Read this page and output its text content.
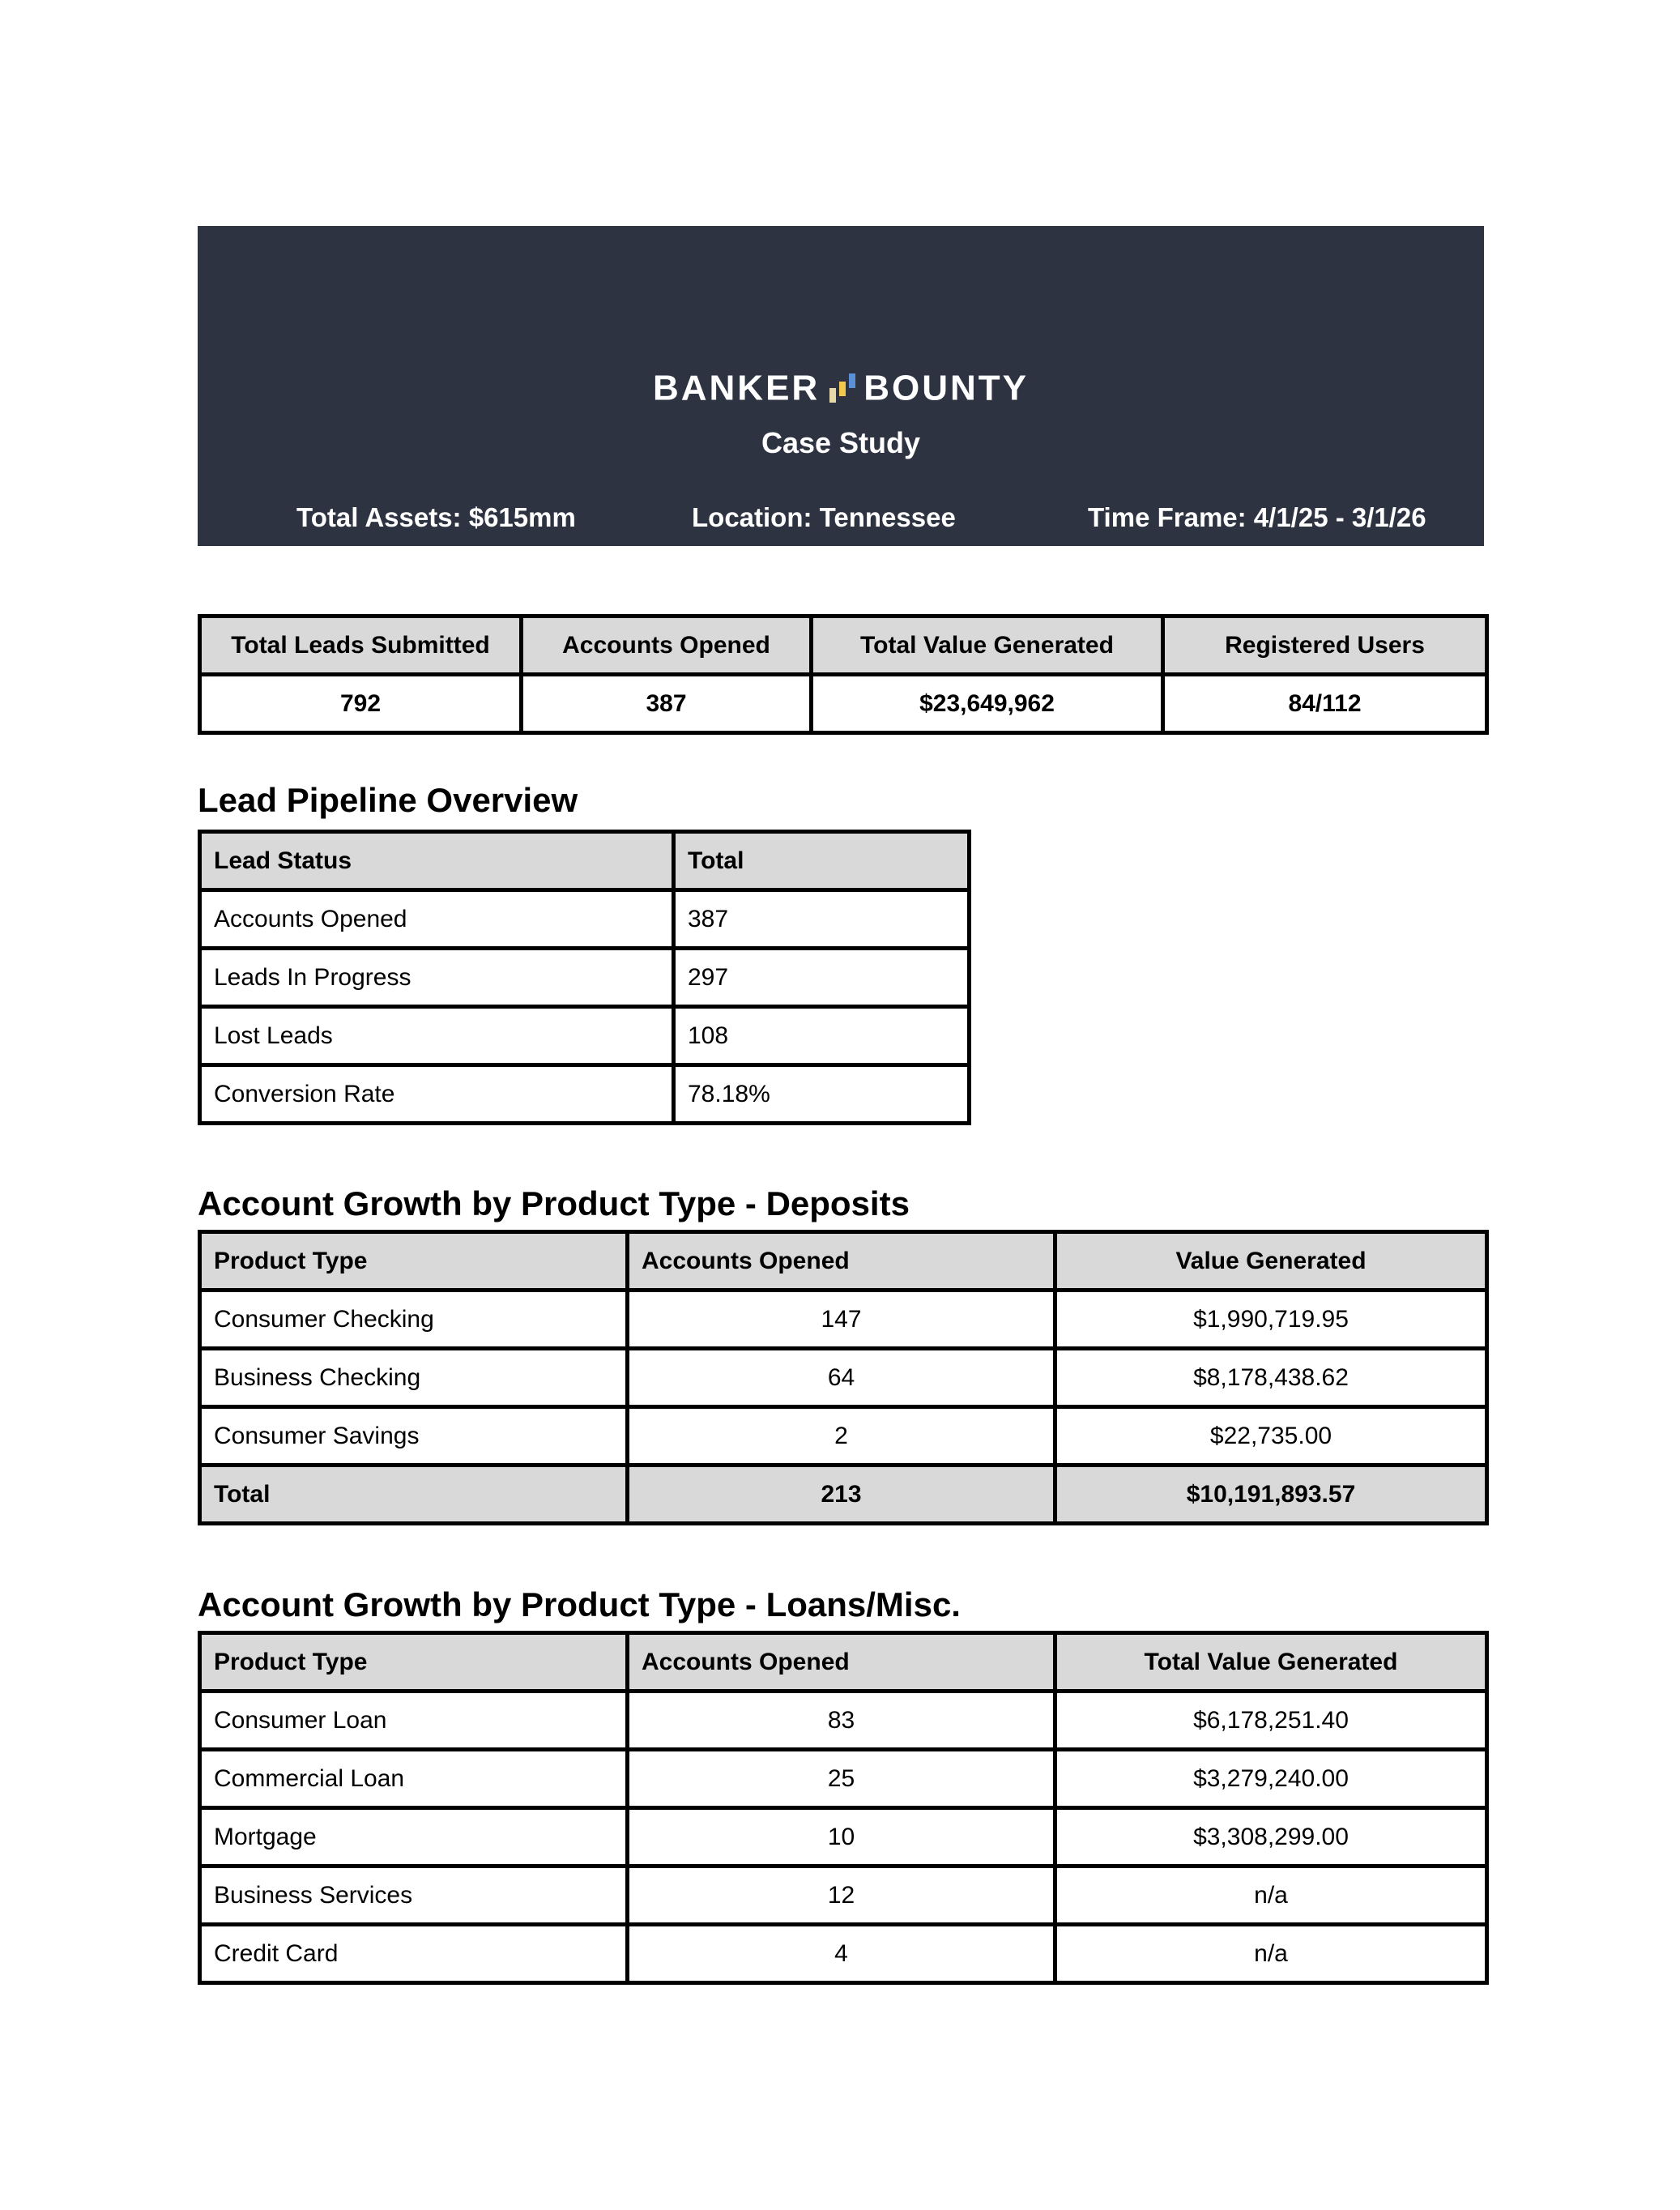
BANKER BOUNTY
Case Study
Total Assets: $615mm	Location: Tennessee	Time Frame: 4/1/25 - 3/1/26
Total Leads Submitted	Accounts Opened	Total Value Generated	Registered Users
792	387	$23,649,962	84/112
Lead Pipeline Overview
Lead Status	Total
Accounts Opened	387
Leads In Progress	297
Lost Leads	108
Conversion Rate	78.18%
Account Growth by Product Type - Deposits
Product Type	Accounts Opened	Value Generated
Consumer Checking	147	$1,990,719.95
Business Checking	64	$8,178,438.62
Consumer Savings	2	$22,735.00
Total	213	$10,191,893.57
Account Growth by Product Type - Loans/Misc.
Product Type	Accounts Opened	Total Value Generated
Consumer Loan	83	$6,178,251.40
Commercial Loan	25	$3,279,240.00
Mortgage	10	$3,308,299.00
Business Services	12	n/a
Credit Card	4	n/a
